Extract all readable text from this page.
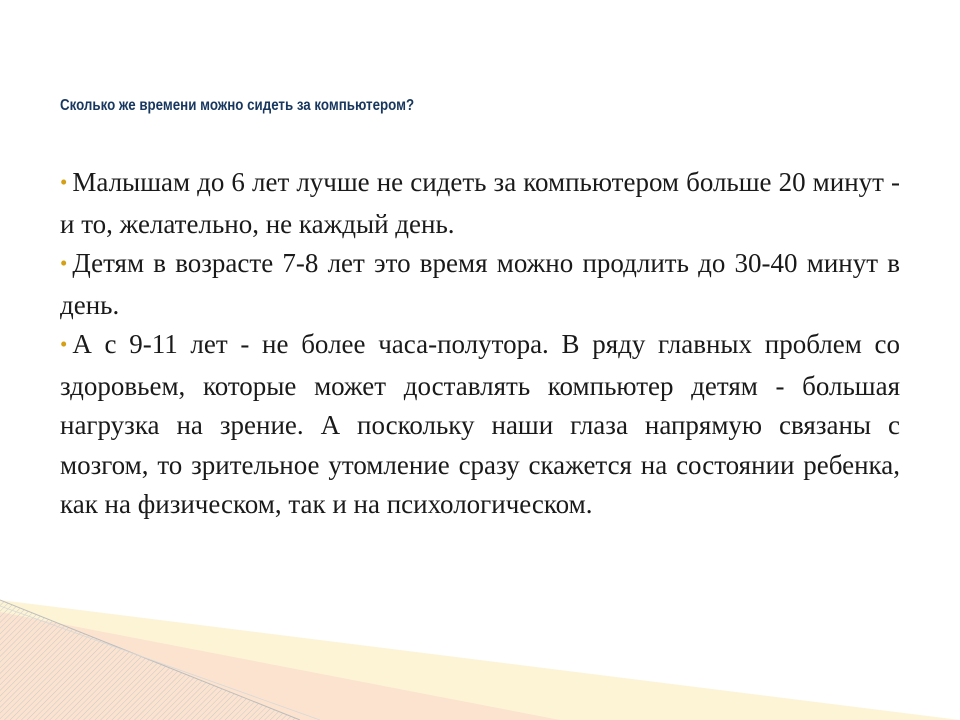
Сколько же времени можно сидеть за компьютером?

• Малышам до 6 лет лучше не сидеть за компьютером больше 20 минут - и то, желательно, не каждый день.

• Детям в возрасте 7-8 лет это время можно продлить до 30-40 минут в день.

• А с 9-11 лет - не более часа-полутора. В ряду главных проблем со здоровьем, которые может доставлять компьютер детям - большая нагрузка на зрение. А поскольку наши глаза напрямую связаны с мозгом, то зрительное утомление сразу скажется на состоянии ребенка, как на физическом, так и на психологическом.
